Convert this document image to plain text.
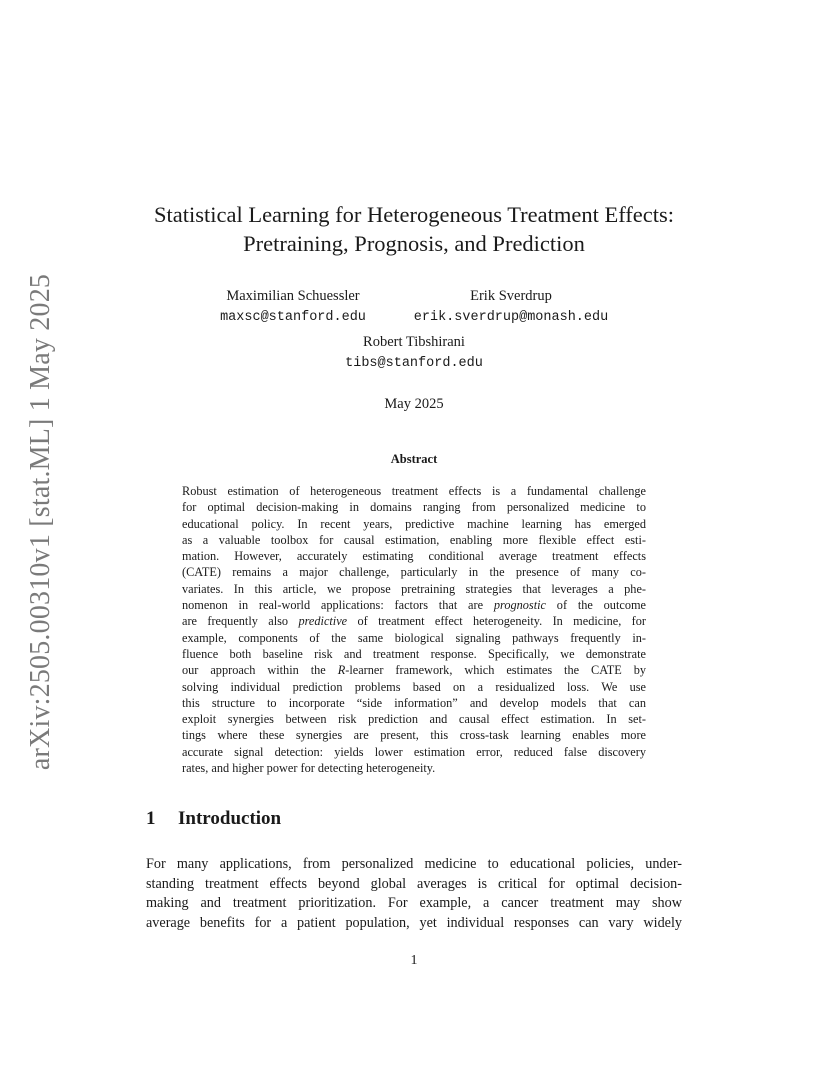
arXiv:2505.00310v1 [stat.ML] 1 May 2025
Statistical Learning for Heterogeneous Treatment Effects:
Pretraining, Prognosis, and Prediction
Maximilian Schuessler
maxsc@stanford.edu
Erik Sverdrup
erik.sverdrup@monash.edu
Robert Tibshirani
tibs@stanford.edu
May 2025
Abstract
Robust estimation of heterogeneous treatment effects is a fundamental challenge
for optimal decision-making in domains ranging from personalized medicine to
educational policy. In recent years, predictive machine learning has emerged
as a valuable toolbox for causal estimation, enabling more flexible effect esti-
mation. However, accurately estimating conditional average treatment effects
(CATE) remains a major challenge, particularly in the presence of many co-
variates. In this article, we propose pretraining strategies that leverages a phe-
nomenon in real-world applications: factors that are prognostic of the outcome
are frequently also predictive of treatment effect heterogeneity. In medicine, for
example, components of the same biological signaling pathways frequently in-
fluence both baseline risk and treatment response. Specifically, we demonstrate
our approach within the R-learner framework, which estimates the CATE by
solving individual prediction problems based on a residualized loss. We use
this structure to incorporate “side information” and develop models that can
exploit synergies between risk prediction and causal effect estimation. In set-
tings where these synergies are present, this cross-task learning enables more
accurate signal detection: yields lower estimation error, reduced false discovery
rates, and higher power for detecting heterogeneity.
1 Introduction
For many applications, from personalized medicine to educational policies, under-
standing treatment effects beyond global averages is critical for optimal decision-
making and treatment prioritization. For example, a cancer treatment may show
average benefits for a patient population, yet individual responses can vary widely
1
